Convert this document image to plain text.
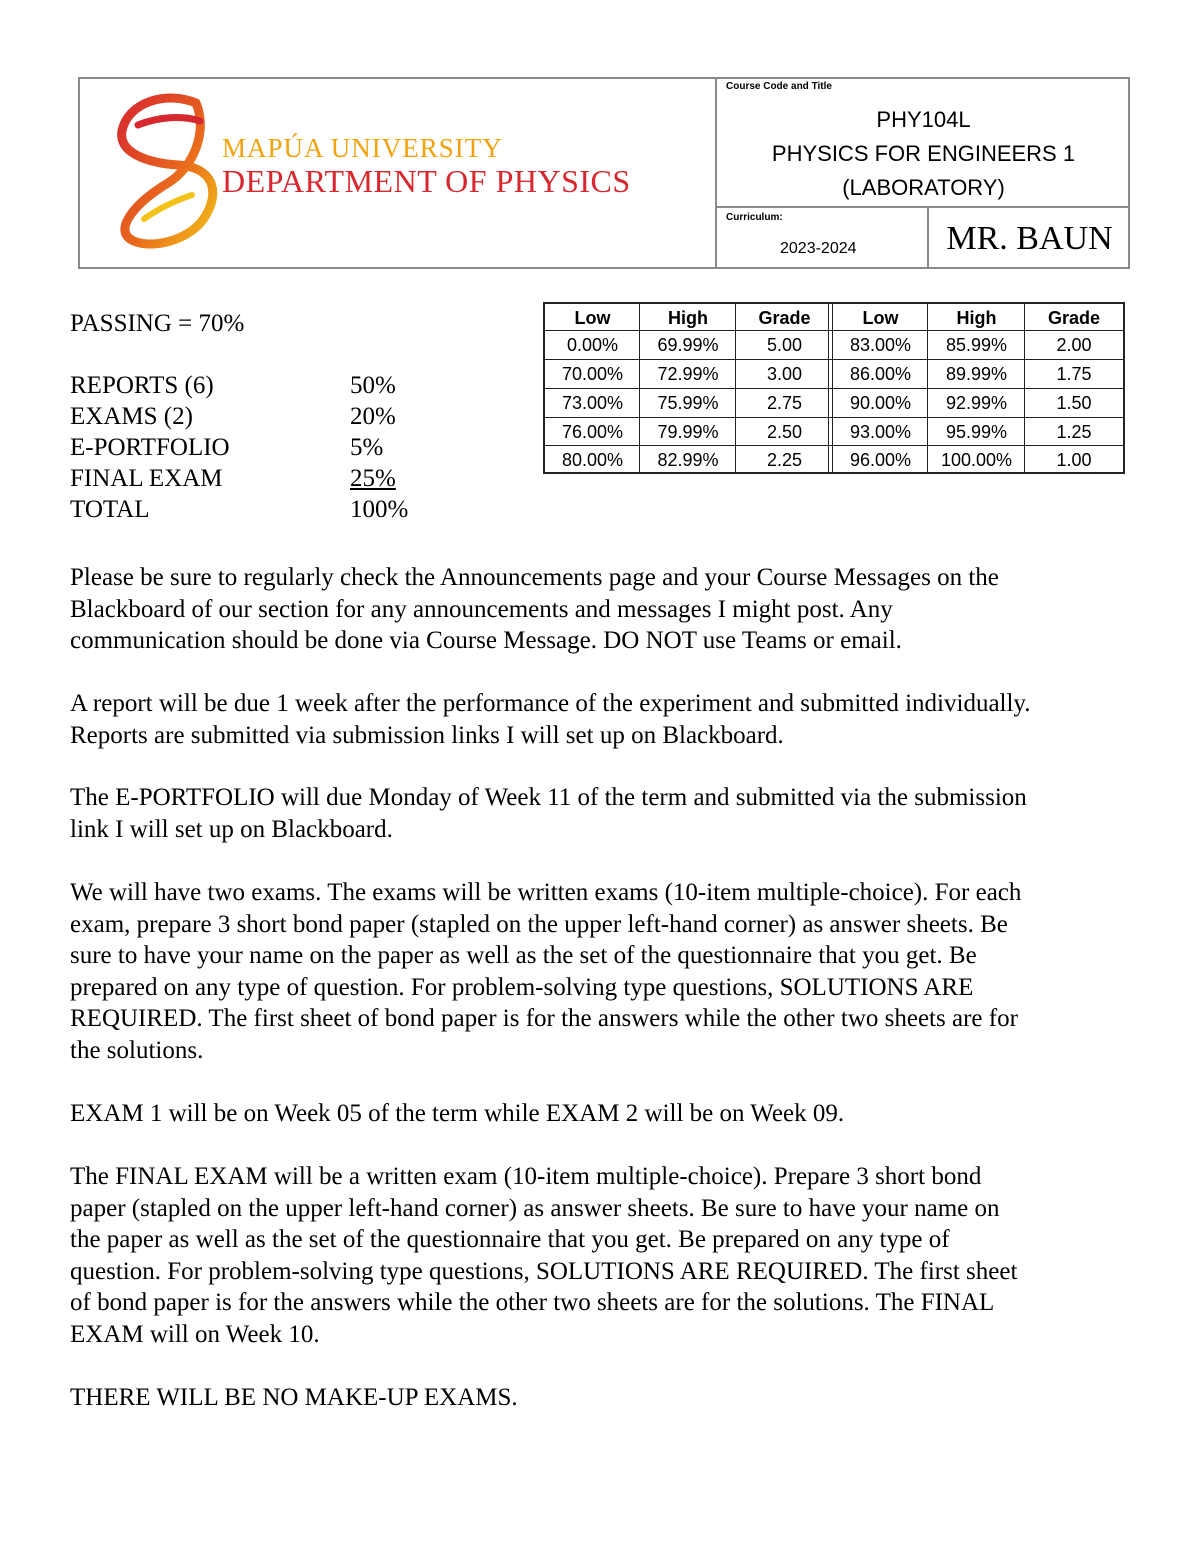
MAPÚA UNIVERSITY
DEPARTMENT OF PHYSICS
Course Code and Title
PHY104L
PHYSICS FOR ENGINEERS 1
(LABORATORY)
Curriculum:
2023-2024	MR. BAUN
PASSING = 70%
REPORTS (6)	50%
EXAMS (2)	20%
E-PORTFOLIO	5%
FINAL EXAM	25%
TOTAL	100%
Low	High	Grade	Low	High	Grade
0.00%	69.99%	5.00	83.00%	85.99%	2.00
70.00%	72.99%	3.00	86.00%	89.99%	1.75
73.00%	75.99%	2.75	90.00%	92.99%	1.50
76.00%	79.99%	2.50	93.00%	95.99%	1.25
80.00%	82.99%	2.25	96.00%	100.00%	1.00

Please be sure to regularly check the Announcements page and your Course Messages on the

Blackboard of our section for any announcements and messages I might post. Any

communication should be done via Course Message. DO NOT use Teams or email.

A report will be due 1 week after the performance of the experiment and submitted individually.

Reports are submitted via submission links I will set up on Blackboard.

The E-PORTFOLIO will due Monday of Week 11 of the term and submitted via the submission

link I will set up on Blackboard.

We will have two exams. The exams will be written exams (10-item multiple-choice). For each

exam, prepare 3 short bond paper (stapled on the upper left-hand corner) as answer sheets. Be

sure to have your name on the paper as well as the set of the questionnaire that you get. Be

prepared on any type of question. For problem-solving type questions, SOLUTIONS ARE

REQUIRED. The first sheet of bond paper is for the answers while the other two sheets are for

the solutions.

EXAM 1 will be on Week 05 of the term while EXAM 2 will be on Week 09.

The FINAL EXAM will be a written exam (10-item multiple-choice). Prepare 3 short bond

paper (stapled on the upper left-hand corner) as answer sheets. Be sure to have your name on

the paper as well as the set of the questionnaire that you get. Be prepared on any type of

question. For problem-solving type questions, SOLUTIONS ARE REQUIRED. The first sheet

of bond paper is for the answers while the other two sheets are for the solutions. The FINAL

EXAM will on Week 10.

THERE WILL BE NO MAKE-UP EXAMS.
